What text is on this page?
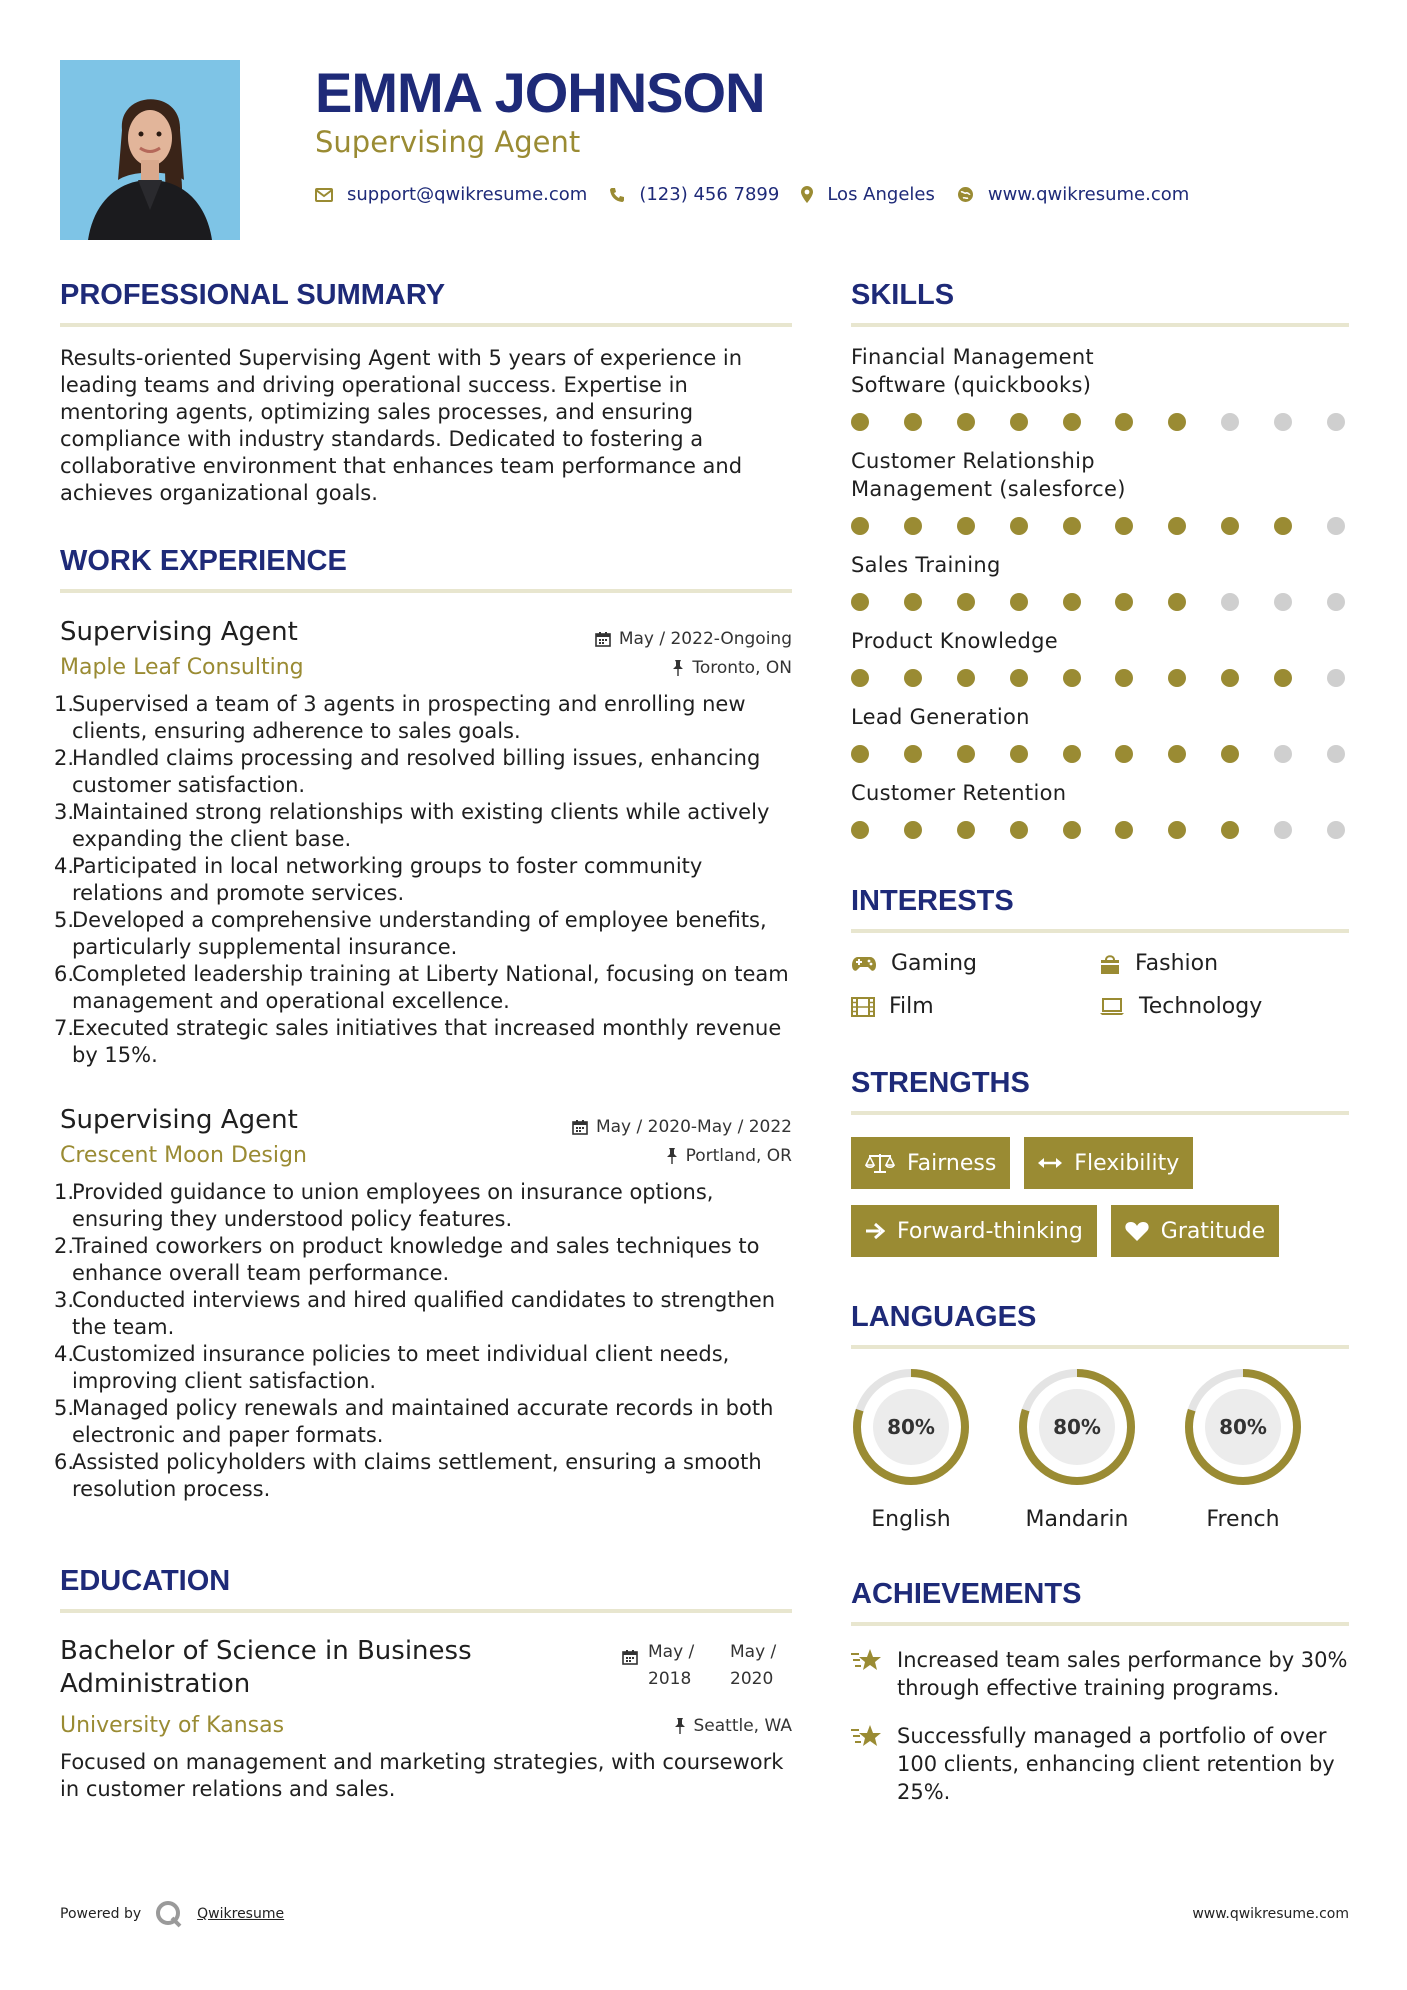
EMMA JOHNSON
Supervising Agent
support@qwikresume.com	(123) 456 7899	Los Angeles	www.qwikresume.com
PROFESSIONAL SUMMARY

Results-oriented Supervising Agent with 5 years of experience in leading teams and driving operational success. Expertise in mentoring agents, optimizing sales processes, and ensuring compliance with industry standards. Dedicated to fostering a collaborative environment that enhances team performance and achieves organizational goals.

WORK EXPERIENCE
Supervising Agent	May / 2022-Ongoing
Maple Leaf Consulting	Toronto, ON
1.
Supervised a team of 3 agents in prospecting and enrolling new clients, ensuring adherence to sales goals.
2.
Handled claims processing and resolved billing issues, enhancing customer satisfaction.
3.
Maintained strong relationships with existing clients while actively expanding the client base.
4.
Participated in local networking groups to foster community relations and promote services.
5.
Developed a comprehensive understanding of employee benefits, particularly supplemental insurance.
6.
Completed leadership training at Liberty National, focusing on team management and operational excellence.
7.
Executed strategic sales initiatives that increased monthly revenue by 15%.
Supervising Agent	May / 2020-May / 2022
Crescent Moon Design	Portland, OR
1.
Provided guidance to union employees on insurance options, ensuring they understood policy features.
2.
Trained coworkers on product knowledge and sales techniques to enhance overall team performance.
3.
Conducted interviews and hired qualified candidates to strengthen the team.
4.
Customized insurance policies to meet individual client needs, improving client satisfaction.
5.
Managed policy renewals and maintained accurate records in both electronic and paper formats.
6.
Assisted policyholders with claims settlement, ensuring a smooth resolution process.
EDUCATION
Bachelor of Science in Business Administration
May / 2018
May / 2020
University of Kansas	Seattle, WA

Focused on management and marketing strategies, with coursework in customer relations and sales.

SKILLS
Financial Management Software (quickbooks)
Customer Relationship Management (salesforce)
Sales Training
Product Knowledge
Lead Generation
Customer Retention
INTERESTS
Gaming	Fashion
Film	Technology
STRENGTHS
Fairness	Flexibility
Forward-thinking	Gratitude
LANGUAGES
80%
English
80%
Mandarin
80%
French
ACHIEVEMENTS
Increased team sales performance by 30% through effective training programs.
Successfully managed a portfolio of over 100 clients, enhancing client retention by 25%.
Powered by	Qwikresume	www.qwikresume.com
